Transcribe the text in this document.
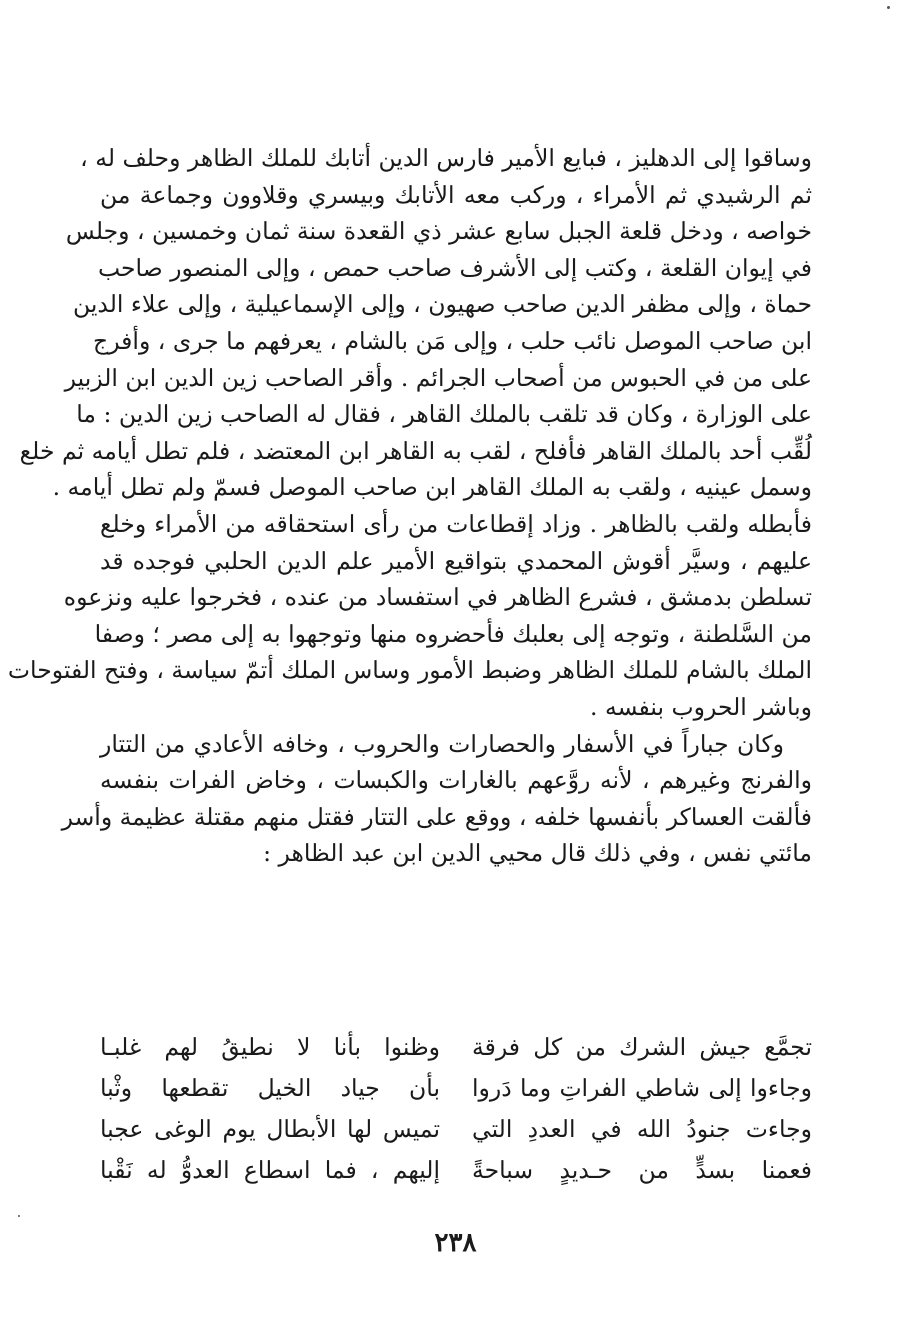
وساقوا إلى الدهليز ، فبايع الأمير فارس الدين أتابك للملك الظاهر وحلف له ،
ثم الرشيدي ثم الأمراء ، وركب معه الأتابك وبيسري وقلاوون وجماعة من
خواصه ، ودخل قلعة الجبل سابع عشر ذي القعدة سنة ثمان وخمسين ، وجلس
في إيوان القلعة ، وكتب إلى الأشرف صاحب حمص ، وإلى المنصور صاحب
حماة ، وإلى مظفر الدين صاحب صهيون ، وإلى الإسماعيلية ، وإلى علاء الدين
ابن صاحب الموصل نائب حلب ، وإلى مَن بالشام ، يعرفهم ما جرى ، وأفرج
على من في الحبوس من أصحاب الجرائم . وأقر الصاحب زين الدين ابن الزبير
على الوزارة ، وكان قد تلقب بالملك القاهر ، فقال له الصاحب زين الدين : ما
لُقِّب أحد بالملك القاهر فأفلح ، لقب به القاهر ابن المعتضد ، فلم تطل أيامه ثم خلع
وسمل عينيه ، ولقب به الملك القاهر ابن صاحب الموصل فسمّ ولم تطل أيامه .
فأبطله ولقب بالظاهر . وزاد إقطاعات من رأى استحقاقه من الأمراء وخلع
عليهم ، وسيَّر أقوش المحمدي بتواقيع الأمير علم الدين الحلبي فوجده قد
تسلطن بدمشق ، فشرع الظاهر في استفساد من عنده ، فخرجوا عليه ونزعوه
من السَّلطنة ، وتوجه إلى بعلبك فأحضروه منها وتوجهوا به إلى مصر ؛ وصفا
الملك بالشام للملك الظاهر وضبط الأمور وساس الملك أتمّ سياسة ، وفتح الفتوحات
وباشر الحروب بنفسه .
وكان جباراً في الأسفار والحصارات والحروب ، وخافه الأعادي من التتار
والفرنج وغيرهم ، لأنه روَّعهم بالغارات والكبسات ، وخاض الفرات بنفسه
فألقت العساكر بأنفسها خلفه ، ووقع على التتار فقتل منهم مقتلة عظيمة وأسر
مائتي نفس ، وفي ذلك قال محيي الدين ابن عبد الظاهر :
تجمَّع جيش الشرك من كل فرقة
وظنوا بأنا لا نطيقُ لهم غلبـا
وجاءوا إلى شاطي الفراتِ وما دَروا
بأن جياد الخيل تقطعها وثْبا
وجاءت جنودُ الله في العددِ التي
تميس لها الأبطال يوم الوغى عجبا
فعمنا بسدٍّ من حـديدٍ سباحةً
إليهم ، فما اسطاع العدوُّ له نَقْبا
٢٣٨
